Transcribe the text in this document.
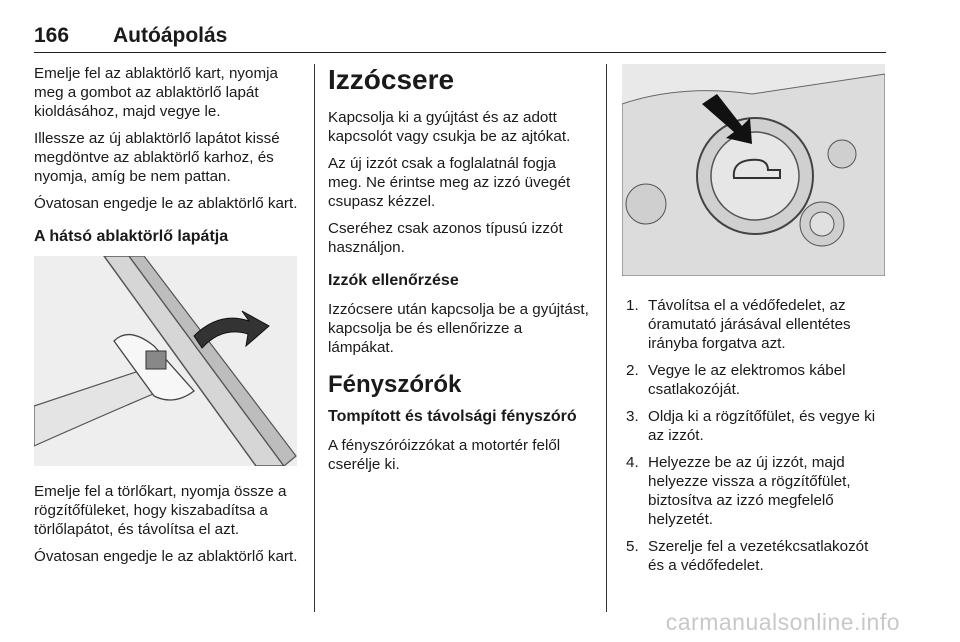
166 Autóápolás

Emelje fel az ablaktörlő kart, nyomja meg a gombot az ablaktörlő lapát kioldásához, majd vegye le.

Illessze az új ablaktörlő lapátot kissé megdöntve az ablaktörlő karhoz, és nyomja, amíg be nem pattan.

Óvatosan engedje le az ablaktörlő kart.

A hátsó ablaktörlő lapátja

Emelje fel a törlőkart, nyomja össze a rögzítőfüleket, hogy kiszabadítsa a törlőlapátot, és távolítsa el azt.

Óvatosan engedje le az ablaktörlő kart.

Izzócsere

Kapcsolja ki a gyújtást és az adott kapcsolót vagy csukja be az ajtókat.

Az új izzót csak a foglalatnál fogja meg. Ne érintse meg az izzó üvegét csupasz kézzel.

Cseréhez csak azonos típusú izzót használjon.

Izzók ellenőrzése

Izzócsere után kapcsolja be a gyújtást, kapcsolja be és ellenőrizze a lámpákat.

Fényszórók
Tompított és távolsági fényszóró

A fényszóróizzókat a motortér felől cserélje ki.

1. Távolítsa el a védőfedelet, az óramutató járásával ellentétes irányba forgatva azt.
2. Vegye le az elektromos kábel csatlakozóját.
3. Oldja ki a rögzítőfület, és vegye ki az izzót.
4. Helyezze be az új izzót, majd helyezze vissza a rögzítőfület, biztosítva az izzó megfelelő helyzetét.
5. Szerelje fel a vezetékcsatlakozót és a védőfedelet.
carmanualsonline.info
